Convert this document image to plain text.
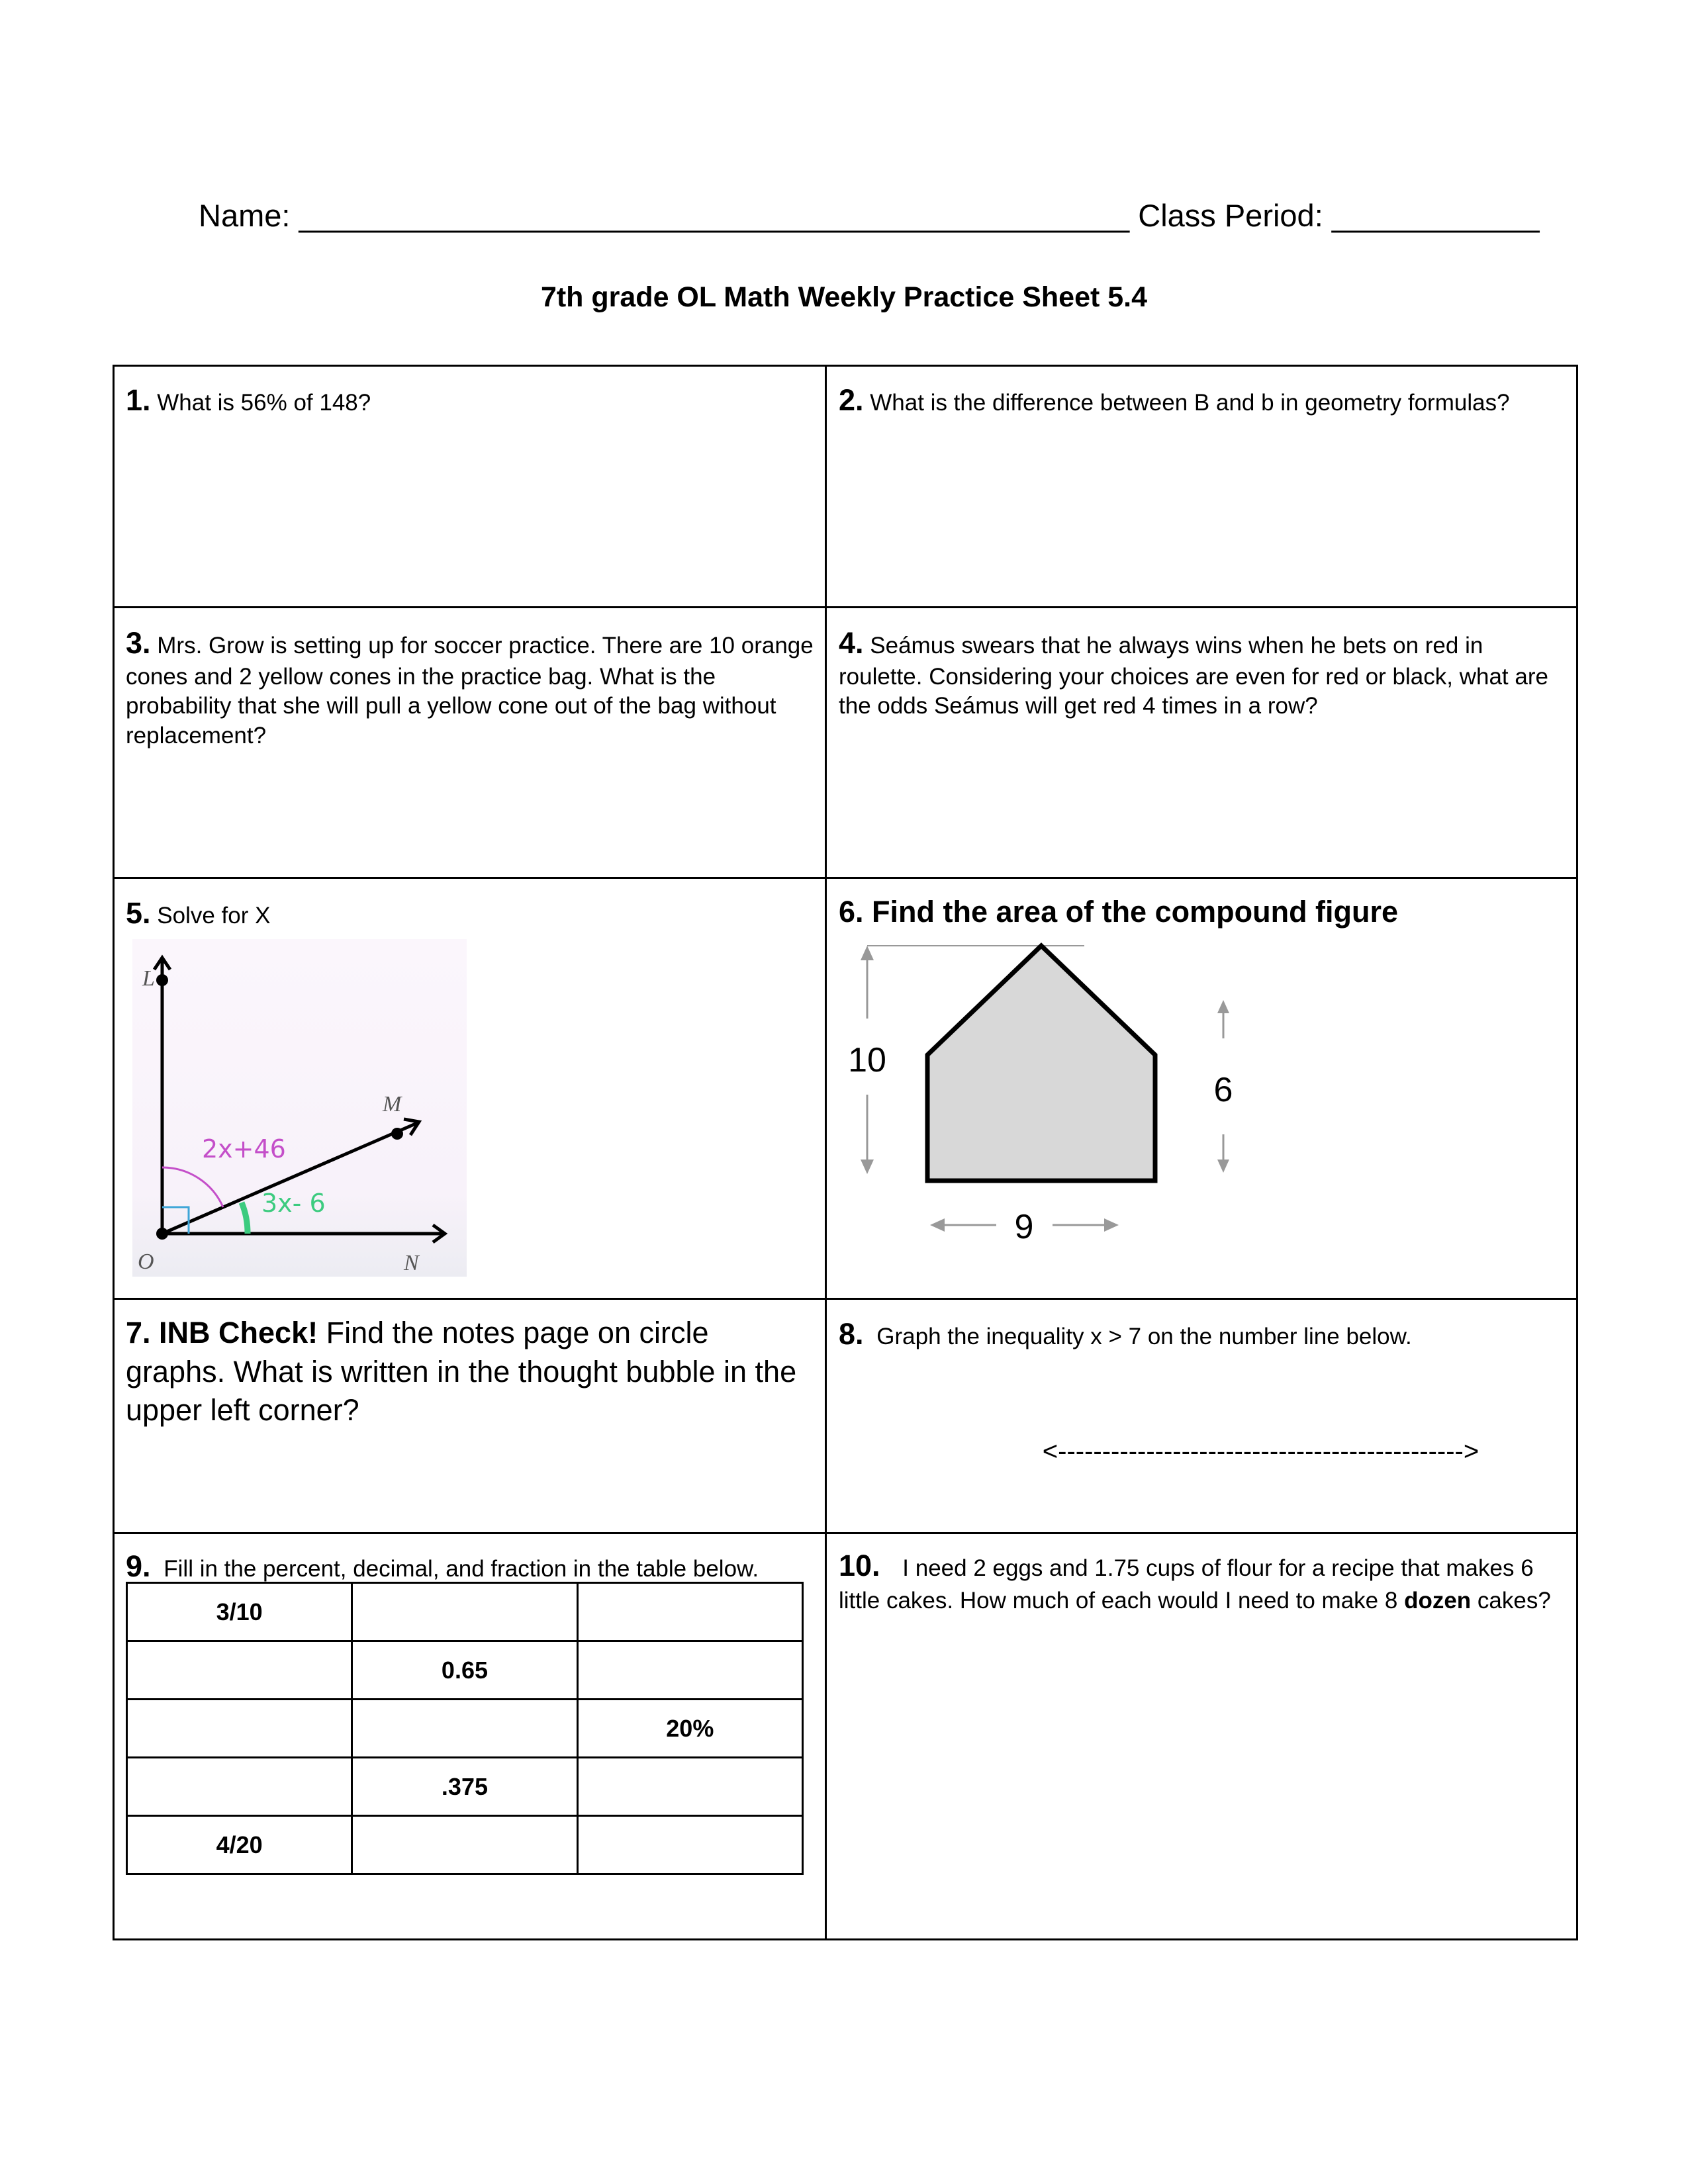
Name: ________________________________________________ Class Period: ____________
7th grade OL Math Weekly Practice Sheet 5.4
1. What is 56% of 148?	2. What is the difference between B and b in geometry formulas?
3. Mrs. Grow is setting up for soccer practice. There are 10 orange cones and 2 yellow cones in the practice bag. What is the probability that she will pull a yellow cone out of the bag without replacement?
4. Seámus swears that he always wins when he bets on red in roulette. Considering your choices are even for red or black, what are the odds Seámus will get red 4 times in a row?
5. Solve for X
L
M
O	N
2x+46
3x- 6
6. Find the area of the compound figure
10
6
9
7. INB Check! Find the notes page on circle graphs. What is written in the thought bubble in the upper left corner?
8. Graph the inequality x > 7 on the number line below.
<---------------------------------------------->
9. Fill in the percent, decimal, and fraction in the table below.
3/10		
	0.65	
		20%
	.375	
4/20		
10. I need 2 eggs and 1.75 cups of flour for a recipe that makes 6 little cakes. How much of each would I need to make 8 dozen cakes?
